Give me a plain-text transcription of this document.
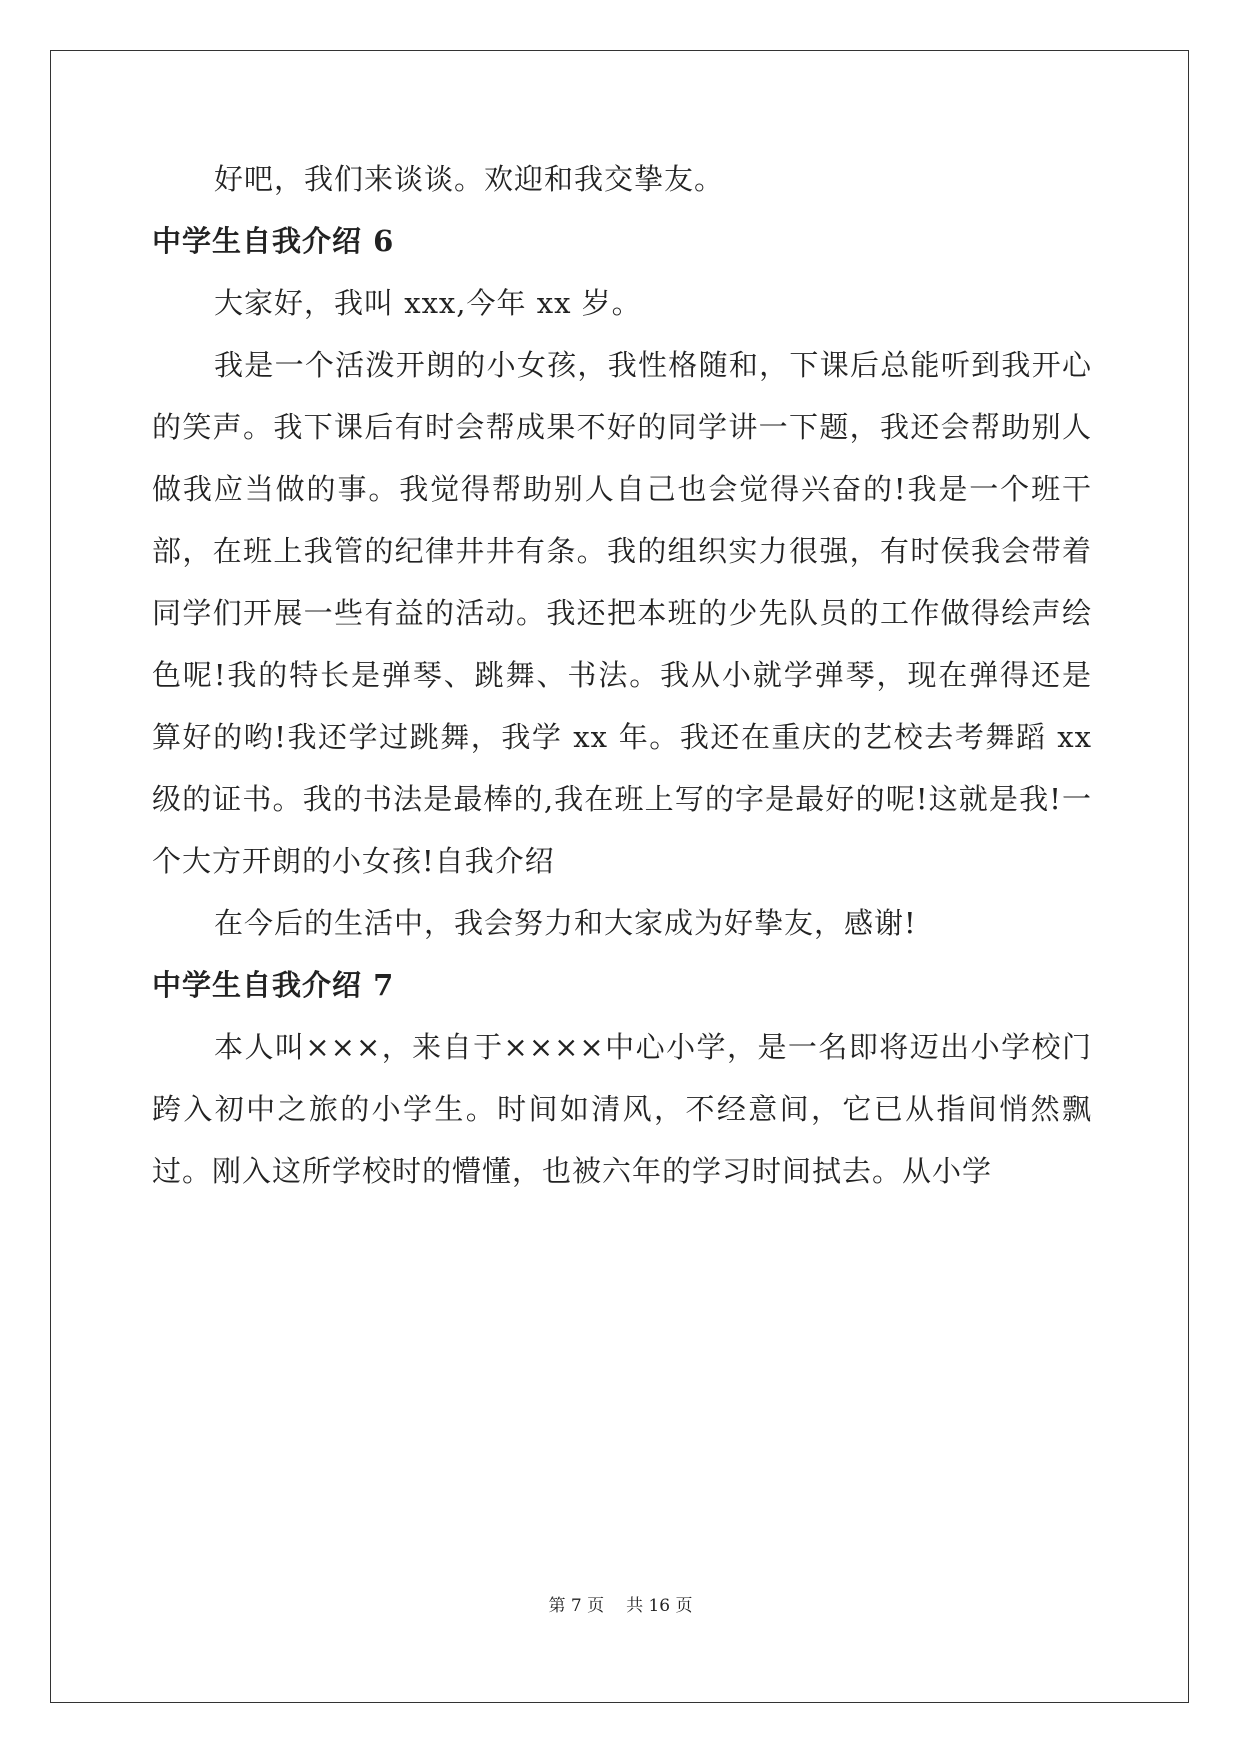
好吧，我们来谈谈。欢迎和我交挚友。

中学生自我介绍 6

大家好，我叫 xxx,今年 xx 岁。

我是一个活泼开朗的小女孩，我性格随和，下课后总能听到我开心的笑声。我下课后有时会帮成果不好的同学讲一下题，我还会帮助别人做我应当做的事。我觉得帮助别人自己也会觉得兴奋的!我是一个班干部，在班上我管的纪律井井有条。我的组织实力很强，有时侯我会带着同学们开展一些有益的活动。我还把本班的少先队员的工作做得绘声绘色呢!我的特长是弹琴、跳舞、书法。我从小就学弹琴，现在弹得还是算好的哟!我还学过跳舞，我学 xx 年。我还在重庆的艺校去考舞蹈 xx 级的证书。我的书法是最棒的,我在班上写的字是最好的呢!这就是我!一个大方开朗的小女孩!自我介绍

在今后的生活中，我会努力和大家成为好挚友，感谢!

中学生自我介绍 7

本人叫×××，来自于××××中心小学，是一名即将迈出小学校门跨入初中之旅的小学生。时间如清风，不经意间，它已从指间悄然飘过。刚入这所学校时的懵懂，也被六年的学习时间拭去。从小学

第 7 页 共 16 页
